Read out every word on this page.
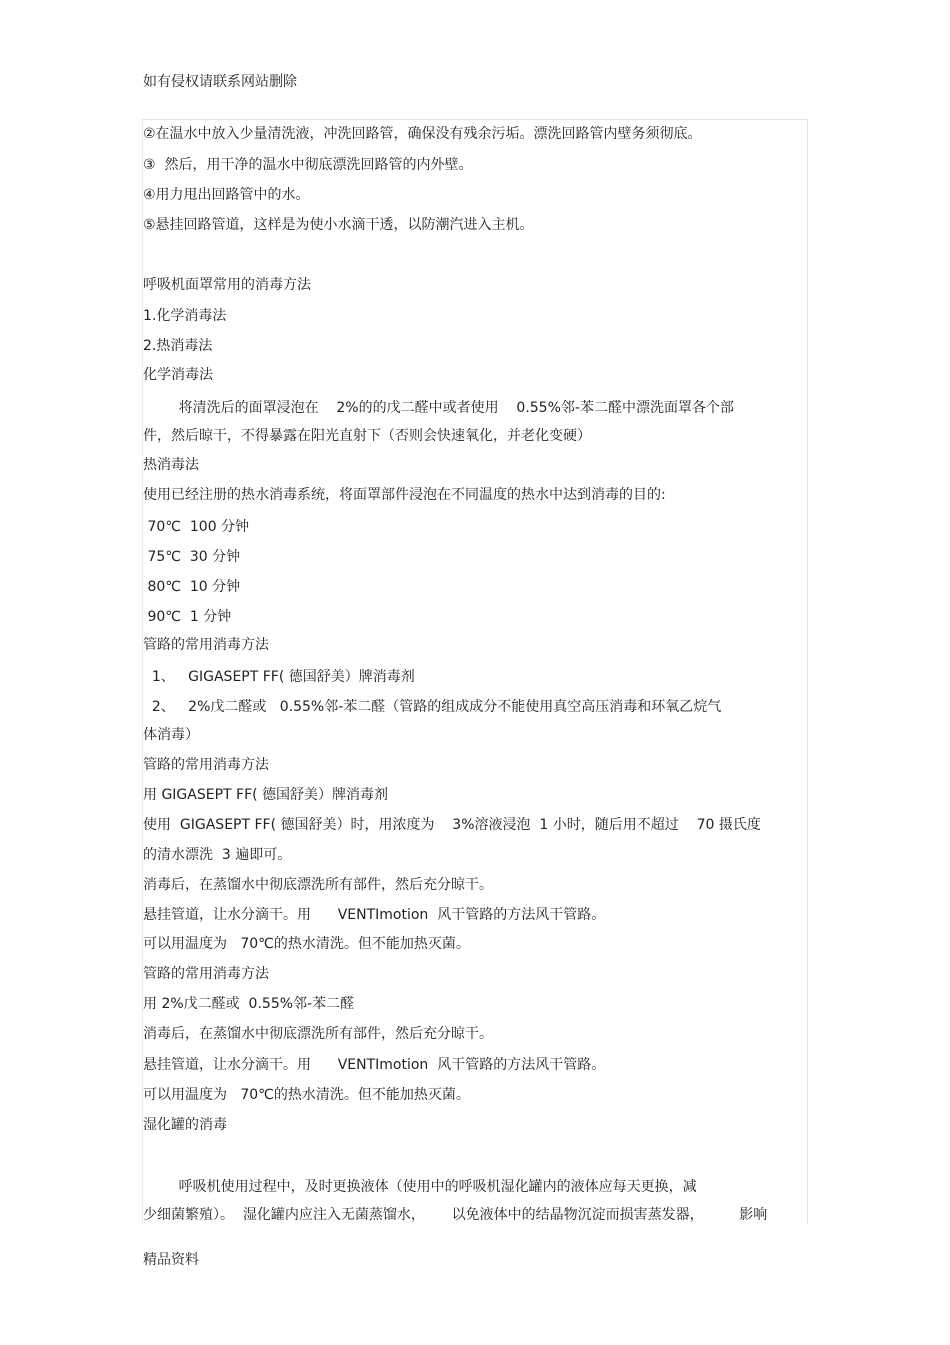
如有侵权请联系网站删除

②在温水中放入少量清洗液，冲洗回路管，确保没有残余污垢。漂洗回路管内壁务须彻底。

③  然后，用干净的温水中彻底漂洗回路管的内外壁。

④用力甩出回路管中的水。

⑤悬挂回路管道，这样是为使小水滴干透，以防潮汽进入主机。

呼吸机面罩常用的消毒方法

1.化学消毒法

2.热消毒法

化学消毒法

将清洗后的面罩浸泡在    2%的的戊二醛中或者使用    0.55%邻-苯二醛中漂洗面罩各个部

件，然后晾干，不得暴露在阳光直射下（否则会快速氧化，并老化变硬）

热消毒法

使用已经注册的热水消毒系统，将面罩部件浸泡在不同温度的热水中达到消毒的目的:

70℃  100 分钟

75℃  30 分钟

80℃  10 分钟

90℃  1 分钟

管路的常用消毒方法

1、   GIGASEPT FF( 德国舒美）牌消毒剂

2、   2%戊二醛或   0.55%邻-苯二醛（管路的组成成分不能使用真空高压消毒和环氧乙烷气

体消毒）

管路的常用消毒方法

用 GIGASEPT FF( 德国舒美）牌消毒剂

使用  GIGASEPT FF( 德国舒美）时，用浓度为    3%溶液浸泡  1 小时，随后用不超过    70 摄氏度

的清水漂洗  3 遍即可。

消毒后，在蒸馏水中彻底漂洗所有部件，然后充分晾干。

悬挂管道，让水分滴干。用      VENTImotion  风干管路的方法风干管路。

可以用温度为   70℃的热水清洗。但不能加热灭菌。

管路的常用消毒方法

用 2%戊二醛或  0.55%邻-苯二醛

消毒后，在蒸馏水中彻底漂洗所有部件，然后充分晾干。

悬挂管道，让水分滴干。用      VENTImotion  风干管路的方法风干管路。

可以用温度为   70℃的热水清洗。但不能加热灭菌。

湿化罐的消毒

呼吸机使用过程中，及时更换液体（使用中的呼吸机湿化罐内的液体应每天更换，减

少细菌繁殖）。  湿化罐内应注入无菌蒸馏水，      以免液体中的结晶物沉淀而损害蒸发器，        影响

精品资料
